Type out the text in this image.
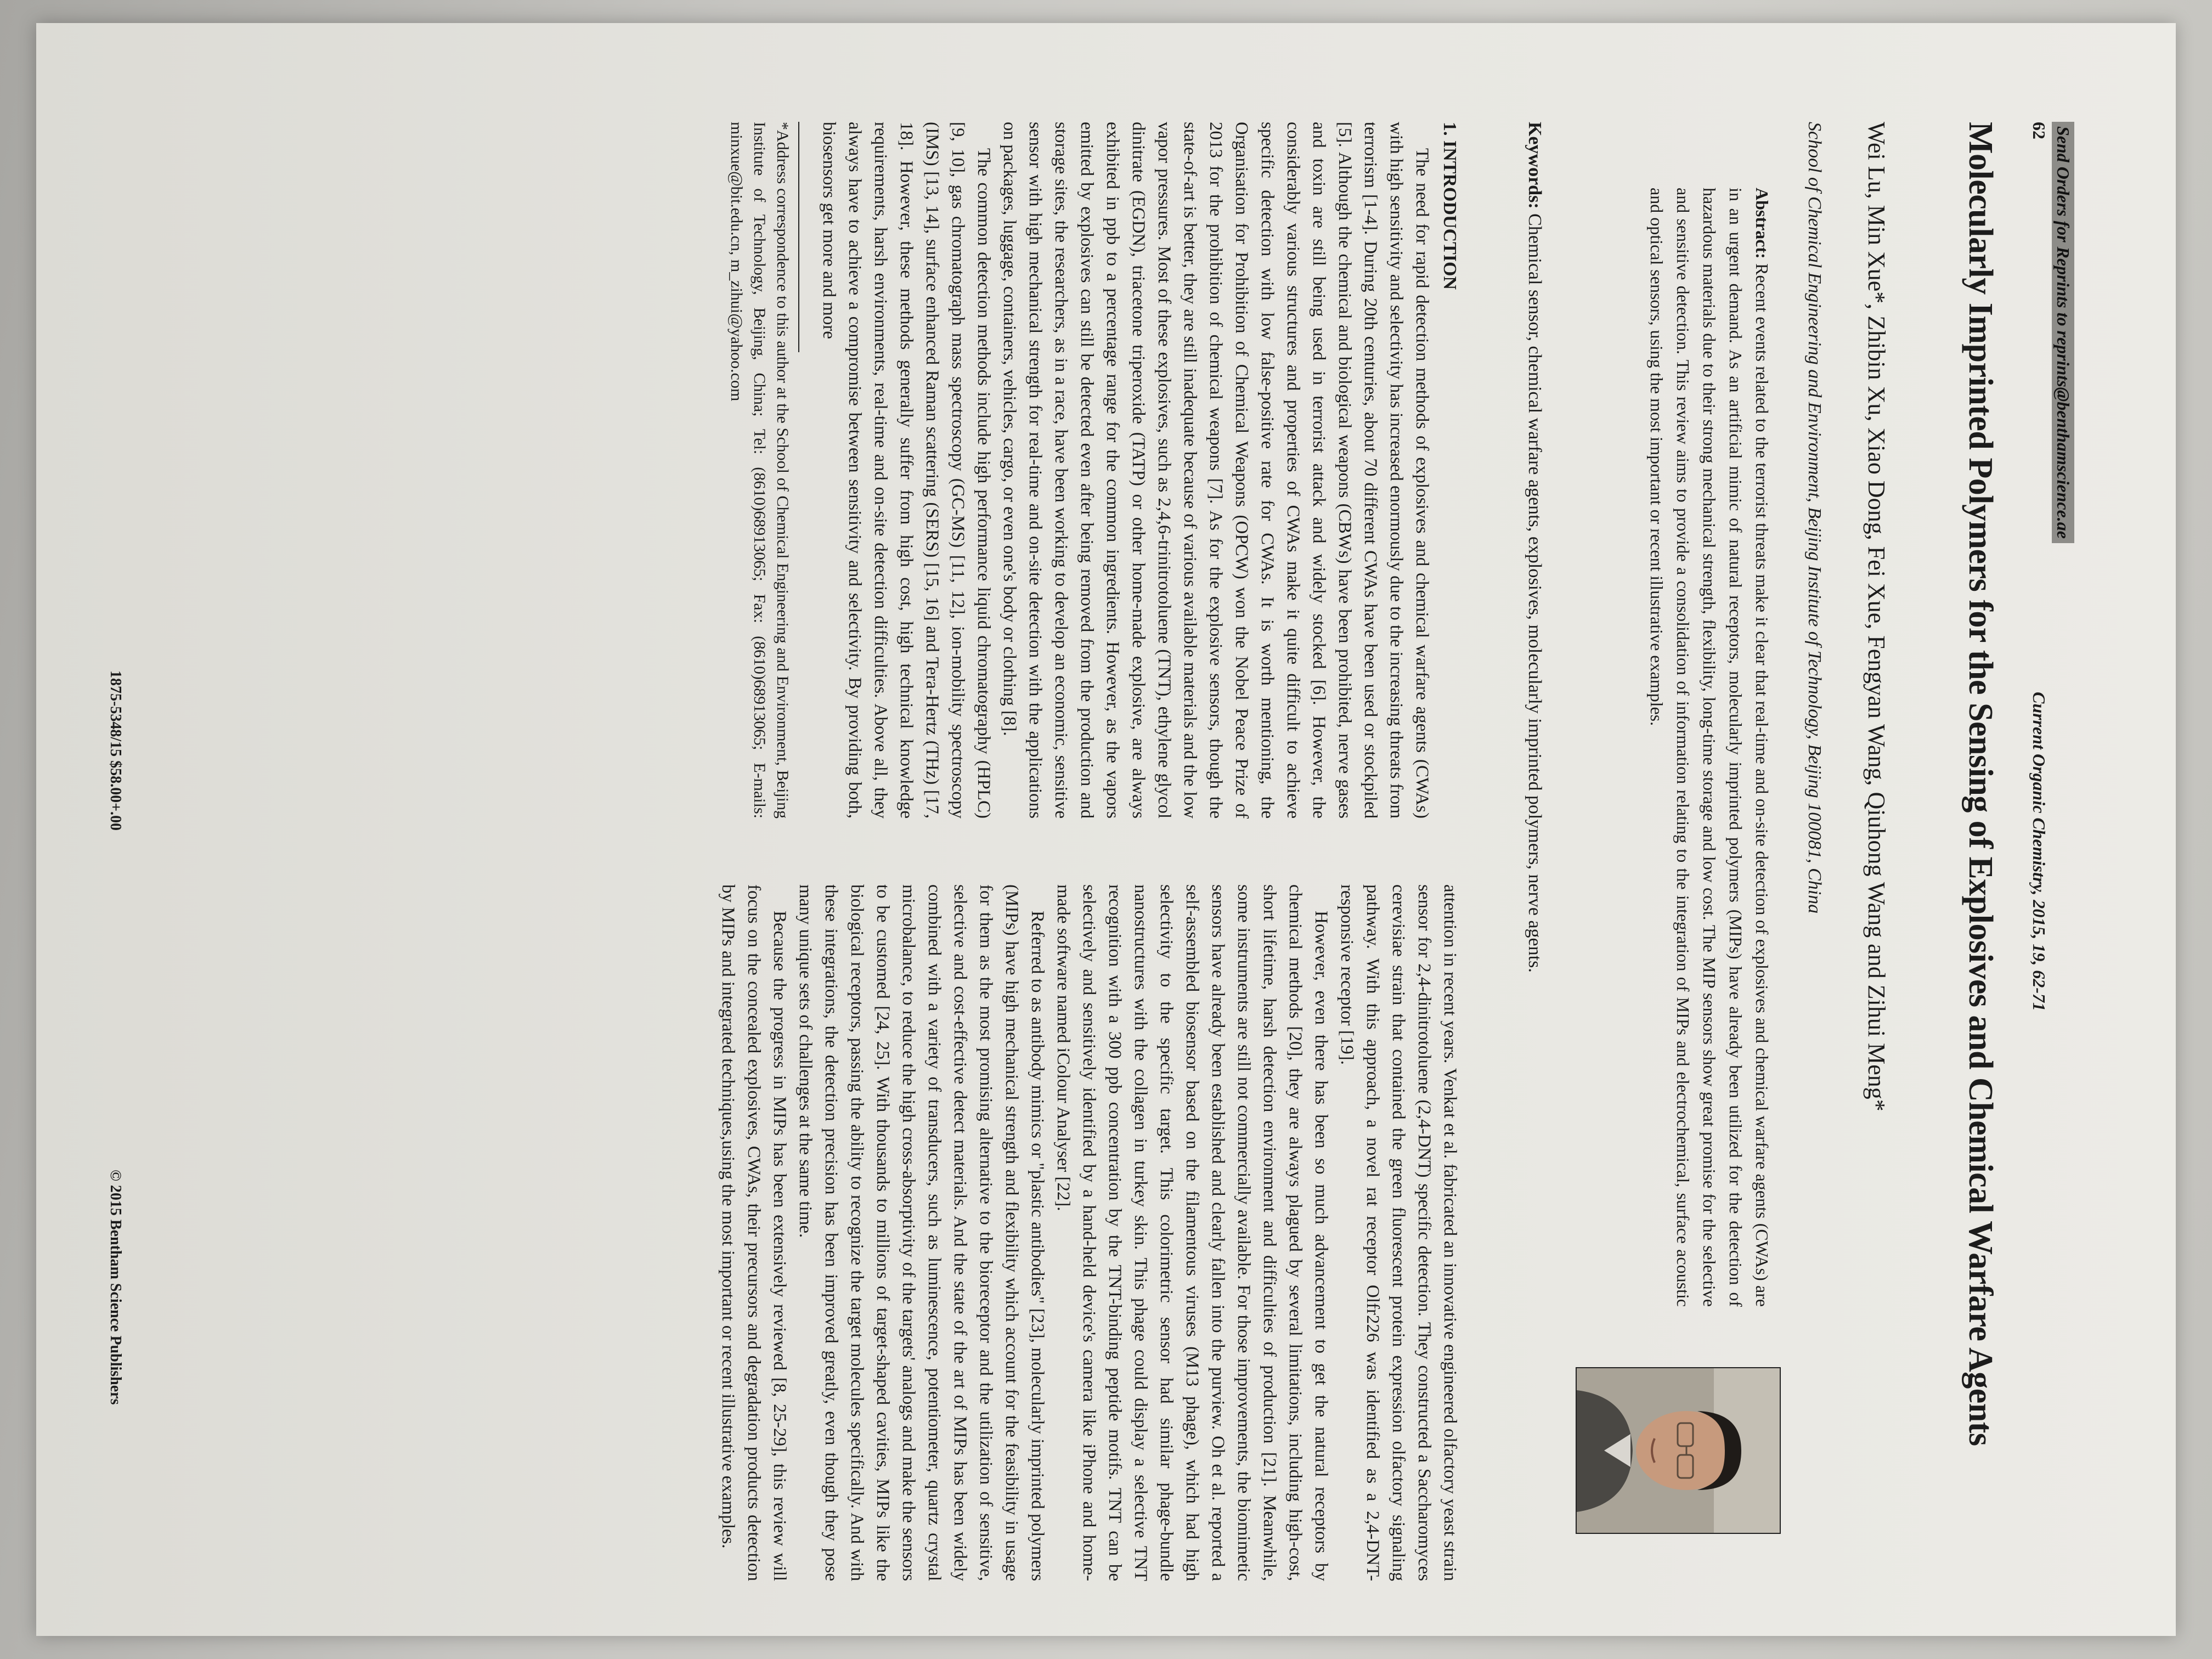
Send Orders for Reprints to reprints@benthamscience.ae
62
Current Organic Chemistry, 2015, 19, 62-71
Molecularly Imprinted Polymers for the Sensing of Explosives and Chemical Warfare Agents
Wei Lu, Min Xue*, Zhibin Xu, Xiao Dong, Fei Xue, Fengyan Wang, Qiuhong Wang and Zihui Meng*
School of Chemical Engineering and Environment, Beijing Institute of Technology, Beijing 100081, China
Abstract: Recent events related to the terrorist threats make it clear that real-time and on-site detection of explosives and chemical warfare agents (CWAs) are in an urgent demand. As an artificial mimic of natural receptors, molecularly imprinted polymers (MIPs) have already been utilized for the detection of hazardous materials due to their strong mechanical strength, flexibility, long-time storage and low cost. The MIP sensors show great promise for the selective and sensitive detection. This review aims to provide a consolidation of information relating to the integration of MIPs and electrochemical, surface acoustic and optical sensors, using the most important or recent illustrative examples.
Keywords: Chemical sensor, chemical warfare agents, explosives, molecularly imprinted polymers, nerve agents.
1. INTRODUCTION

The need for rapid detection methods of explosives and chemical warfare agents (CWAs) with high sensitivity and selectivity has increased enormously due to the increasing threats from terrorism [1-4]. During 20th centuries, about 70 different CWAs have been used or stockpiled [5]. Although the chemical and biological weapons (CBWs) have been prohibited, nerve gases and toxin are still being used in terrorist attack and widely stocked [6]. However, the considerably various structures and properties of CWAs make it quite difficult to achieve specific detection with low false-positive rate for CWAs. It is worth mentioning, the Organisation for Prohibition of Chemical Weapons (OPCW) won the Nobel Peace Prize of 2013 for the prohibition of chemical weapons [7]. As for the explosive sensors, though the state-of-art is better, they are still inadequate because of various available materials and the low vapor pressures. Most of these explosives, such as 2,4,6-trinitrotoluene (TNT), ethylene glycol dinitrate (EGDN), triacetone triperoxide (TATP) or other home-made explosive, are always exhibited in ppb to a percentage range for the common ingredients. However, as the vapors emitted by explosives can still be detected even after being removed from the production and storage sites, the researchers, as in a race, have been working to develop an economic, sensitive sensor with high mechanical strength for real-time and on-site detection with the applications on packages, luggage, containers, vehicles, cargo, or even one's body or clothing [8].

The common detection methods include high performance liquid chromatography (HPLC) [9, 10], gas chromatograph mass spectroscopy (GC-MS) [11, 12], ion-mobility spectroscopy (IMS) [13, 14], surface enhanced Raman scattering (SERS) [15, 16] and Tera-Hertz (THz) [17, 18]. However, these methods generally suffer from high cost, high technical knowledge requirements, harsh environments, real-time and on-site detection difficulties. Above all, they always have to achieve a compromise between sensitivity and selectivity. By providing both, biosensors get more and more

*Address correspondence to this author at the School of Chemical Engineering and Environment, Beijing Institute of Technology, Beijing, China; Tel: (8610)68913065; Fax: (8610)68913065; E-mails: minxue@bit.edu.cn, m_zihui@yahoo.com

attention in recent years. Venkat et al. fabricated an innovative engineered olfactory yeast strain sensor for 2,4-dinitrotoluene (2,4-DNT) specific detection. They constructed a Saccharomyces cerevisiae strain that contained the green fluorescent protein expression olfactory signaling pathway. With this approach, a novel rat receptor Olfr226 was identified as a 2,4-DNT-responsive receptor [19].

However, even there has been so much advancement to get the natural receptors by chemical methods [20], they are always plagued by several limitations, including high-cost, short lifetime, harsh detection environment and difficulties of production [21]. Meanwhile, some instruments are still not commercially available. For those improvements, the biomimetic sensors have already been established and clearly fallen into the purview. Oh et al. reported a self-assembled biosensor based on the filamentous viruses (M13 phage), which had high selectivity to the specific target. This colorimetric sensor had similar phage-bundle nanostructures with the collagen in turkey skin. This phage could display a selective TNT recognition with a 300 ppb concentration by the TNT-binding peptide motifs. TNT can be selectively and sensitively identified by a hand-held device's camera like iPhone and home-made software named iColour Analyser [22].

Referred to as antibody mimics or "plastic antibodies" [23], molecularly imprinted polymers (MIPs) have high mechanical strength and flexibility which account for the feasibility in usage for them as the most promising alternative to the bioreceptor and the utilization of sensitive, selective and cost-effective detect materials. And the state of the art of MIPs has been widely combined with a variety of transducers, such as luminescence, potentiometer, quartz crystal microbalance, to reduce the high cross-absorptivity of the targets' analogs and make the sensors to be customed [24, 25]. With thousands to millions of target-shaped cavities, MIPs like the biological receptors, passing the ability to recognize the target molecules specifically. And with these integrations, the detection precision has been improved greatly, even though they pose many unique sets of challenges at the same time.

Because the progress in MIPs has been extensively reviewed [8, 25-29], this review will focus on the concealed explosives, CWAs, their precursors and degradation products detection by MIPs and integrated techniques,using the most important or recent illustrative examples.

1875-5348/15 $58.00+.00
© 2015 Bentham Science Publishers
